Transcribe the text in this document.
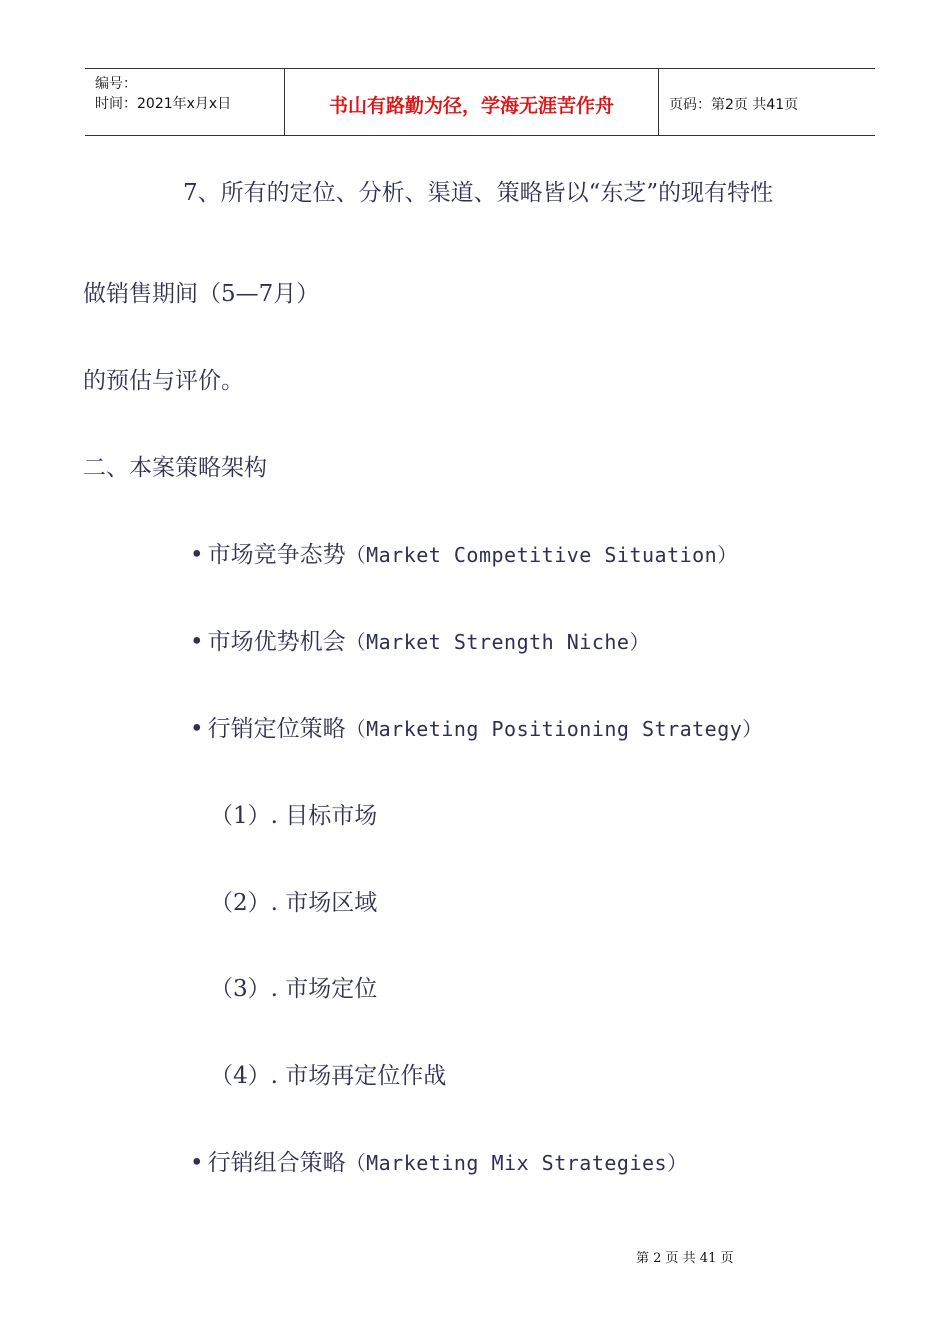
编号：
时间：2021年x月x日	书山有路勤为径，学海无涯苦作舟	页码：第2页 共41页
7、所有的定位、分析、渠道、策略皆以“东芝”的现有特性
做销售期间（5—7月）
的预估与评价。
二、本案策略架构
• 市场竞争态势（Market Competitive Situation）
• 市场优势机会（Market Strength Niche）
• 行销定位策略（Marketing Positioning Strategy）
（1）. 目标市场
（2）. 市场区域
（3）. 市场定位
（4）. 市场再定位作战
• 行销组合策略（Marketing Mix Strategies）
第 2 页 共 41 页
